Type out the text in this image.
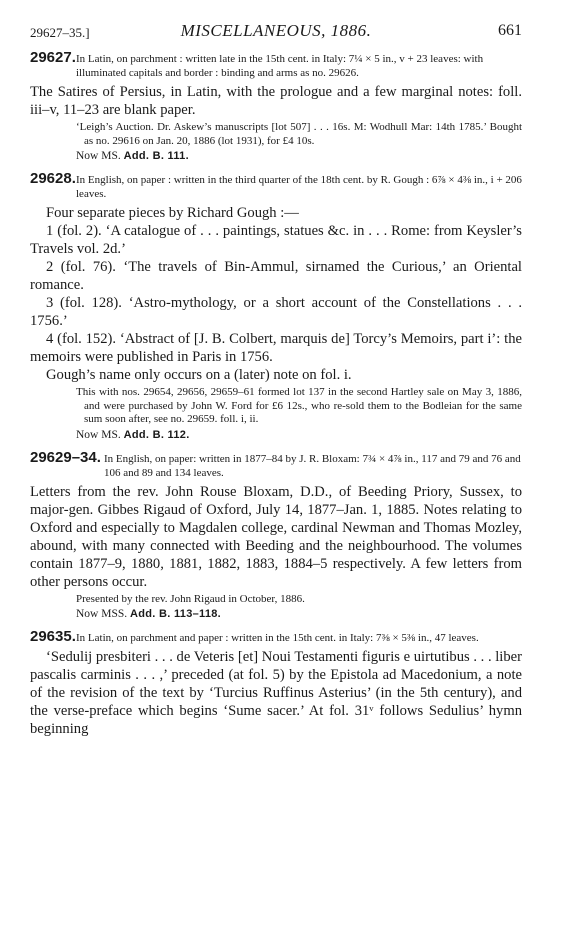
29627–35.]	MISCELLANEOUS, 1886.	661
29627. In Latin, on parchment : written late in the 15th cent. in Italy: 7¼ × 5 in., v + 23 leaves: with illuminated capitals and border : binding and arms as no. 29626.

The Satires of Persius, in Latin, with the prologue and a few marginal notes: foll. iii–v, 11–23 are blank paper.

‘Leigh’s Auction. Dr. Askew’s manuscripts [lot 507] . . . 16s. M: Wodhull Mar: 14th 1785.’ Bought as no. 29616 on Jan. 20, 1886 (lot 1931), for £4 10s.
Now MS. Add. B. 111.
29628. In English, on paper : written in the third quarter of the 18th cent. by R. Gough : 6⅞ × 4⅜ in., i + 206 leaves.

Four separate pieces by Richard Gough :—

1 (fol. 2). ‘A catalogue of . . . paintings, statues &c. in . . . Rome: from Keysler’s Travels vol. 2d.’

2 (fol. 76). ‘The travels of Bin-Ammul, sirnamed the Curious,’ an Oriental romance.

3 (fol. 128). ‘Astro-mythology, or a short account of the Constellations . . . 1756.’

4 (fol. 152). ‘Abstract of [J. B. Colbert, marquis de] Torcy’s Memoirs, part i’: the memoirs were published in Paris in 1756.

Gough’s name only occurs on a (later) note on fol. i.

This with nos. 29654, 29656, 29659–61 formed lot 137 in the second Hartley sale on May 3, 1886, and were purchased by John W. Ford for £6 12s., who re-sold them to the Bodleian for the same sum soon after, see no. 29659. foll. i, ii.
Now MS. Add. B. 112.
29629–34. In English, on paper: written in 1877–84 by J. R. Bloxam: 7¾ × 4⅞ in., 117 and 79 and 76 and 106 and 89 and 134 leaves.

Letters from the rev. John Rouse Bloxam, D.D., of Beeding Priory, Sussex, to major-gen. Gibbes Rigaud of Oxford, July 14, 1877–Jan. 1, 1885. Notes relating to Oxford and especially to Magdalen college, cardinal Newman and Thomas Mozley, abound, with many connected with Beeding and the neighbourhood. The volumes contain 1877–9, 1880, 1881, 1882, 1883, 1884–5 respectively. A few letters from other persons occur.

Presented by the rev. John Rigaud in October, 1886.
Now MSS. Add. B. 113–118.
29635. In Latin, on parchment and paper : written in the 15th cent. in Italy: 7⅜ × 5⅜ in., 47 leaves.

‘Sedulij presbiteri . . . de Veteris [et] Noui Testamenti figuris e uirtutibus . . . liber pascalis carminis . . . ,’ preceded (at fol. 5) by the Epistola ad Macedonium, a note of the revision of the text by ‘Turcius Ruffinus Asterius’ (in the 5th century), and the verse-preface which begins ‘Sume sacer.’ At fol. 31ᵛ follows Sedulius’ hymn beginning
